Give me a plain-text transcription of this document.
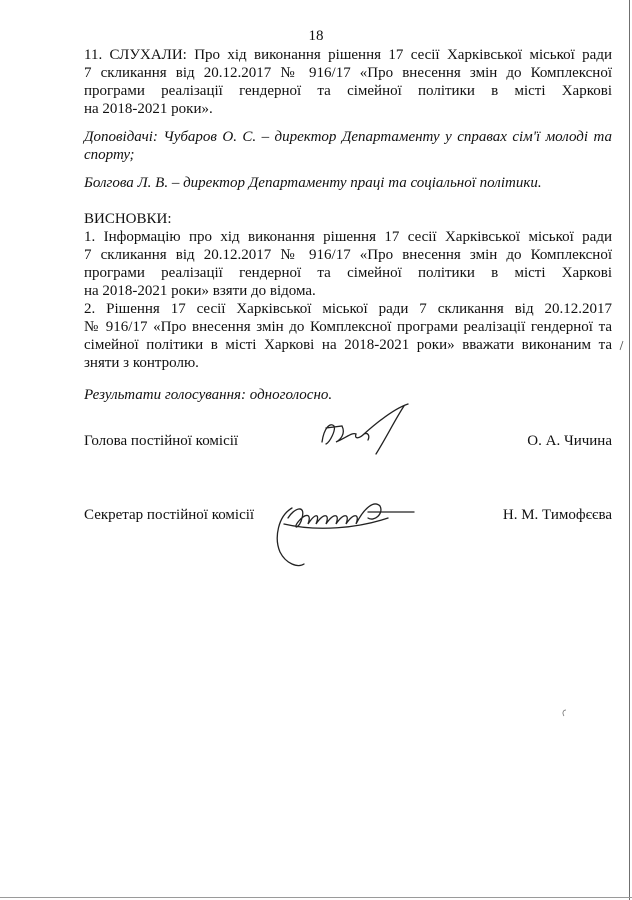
18

11. СЛУХАЛИ: Про хід виконання рішення 17 сесії Харківської міської ради

7 скликання від 20.12.2017 № 916/17 «Про внесення змін до Комплексної

програми реалізації гендерної та сімейної політики в місті Харкові

на 2018-2021 роки».

Доповідачі: Чубаров О. С. – директор Департаменту у справах сім'ї молоді та

спорту;

Болгова Л. В. – директор Департаменту праці та соціальної політики.

ВИСНОВКИ:

1. Інформацію про хід виконання рішення 17 сесії Харківської міської ради

7 скликання від 20.12.2017 № 916/17 «Про внесення змін до Комплексної

програми реалізації гендерної та сімейної політики в місті Харкові

на 2018-2021 роки» взяти до відома.

2. Рішення 17 сесії Харківської міської ради 7 скликання від 20.12.2017

№ 916/17 «Про внесення змін до Комплексної програми реалізації гендерної та

сімейної політики в місті Харкові на 2018-2021 роки» вважати виконаним та

зняти з контролю.

Результати голосування: одноголосно.

Голова постійної комісії	О. А. Чичина
Секретар постійної комісії	Н. М. Тимофєєва
